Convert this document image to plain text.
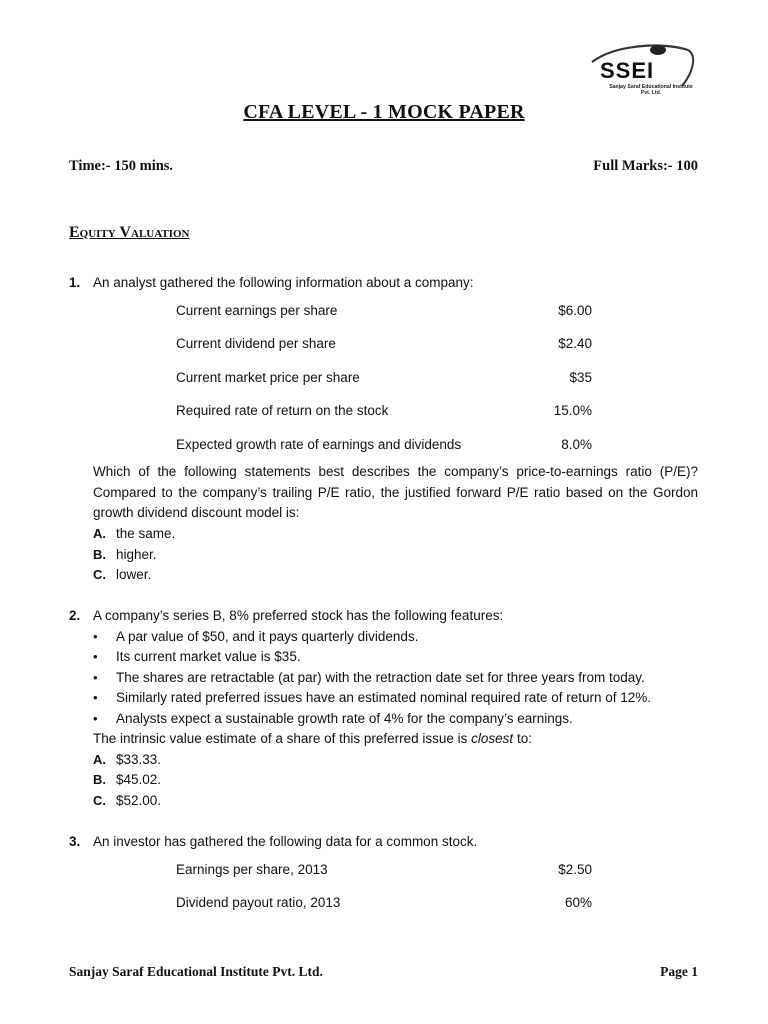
SSEI
Sanjay Saraf Educational Institute Pvt. Ltd.
CFA LEVEL - 1 MOCK PAPER
Time:- 150 mins.	Full Marks:- 100
Equity Valuation
1. An analyst gathered the following information about a company:
Current earnings per share	$6.00
Current dividend per share	$2.40
Current market price per share	$35
Required rate of return on the stock	15.0%
Expected growth rate of earnings and dividends	8.0%
Which of the following statements best describes the company’s price-to-earnings ratio (P/E)? Compared to the company’s trailing P/E ratio, the justified forward P/E ratio based on the Gordon growth dividend discount model is:
A. the same.
B. higher.
C. lower.
2. A company’s series B, 8% preferred stock has the following features:
• A par value of $50, and it pays quarterly dividends.
• Its current market value is $35.
• The shares are retractable (at par) with the retraction date set for three years from today.
• Similarly rated preferred issues have an estimated nominal required rate of return of 12%.
• Analysts expect a sustainable growth rate of 4% for the company’s earnings.
The intrinsic value estimate of a share of this preferred issue is closest to:
A. $33.33.
B. $45.02.
C. $52.00.
3. An investor has gathered the following data for a common stock.
Earnings per share, 2013	$2.50
Dividend payout ratio, 2013	60%
Sanjay Saraf Educational Institute Pvt. Ltd.	Page 1
